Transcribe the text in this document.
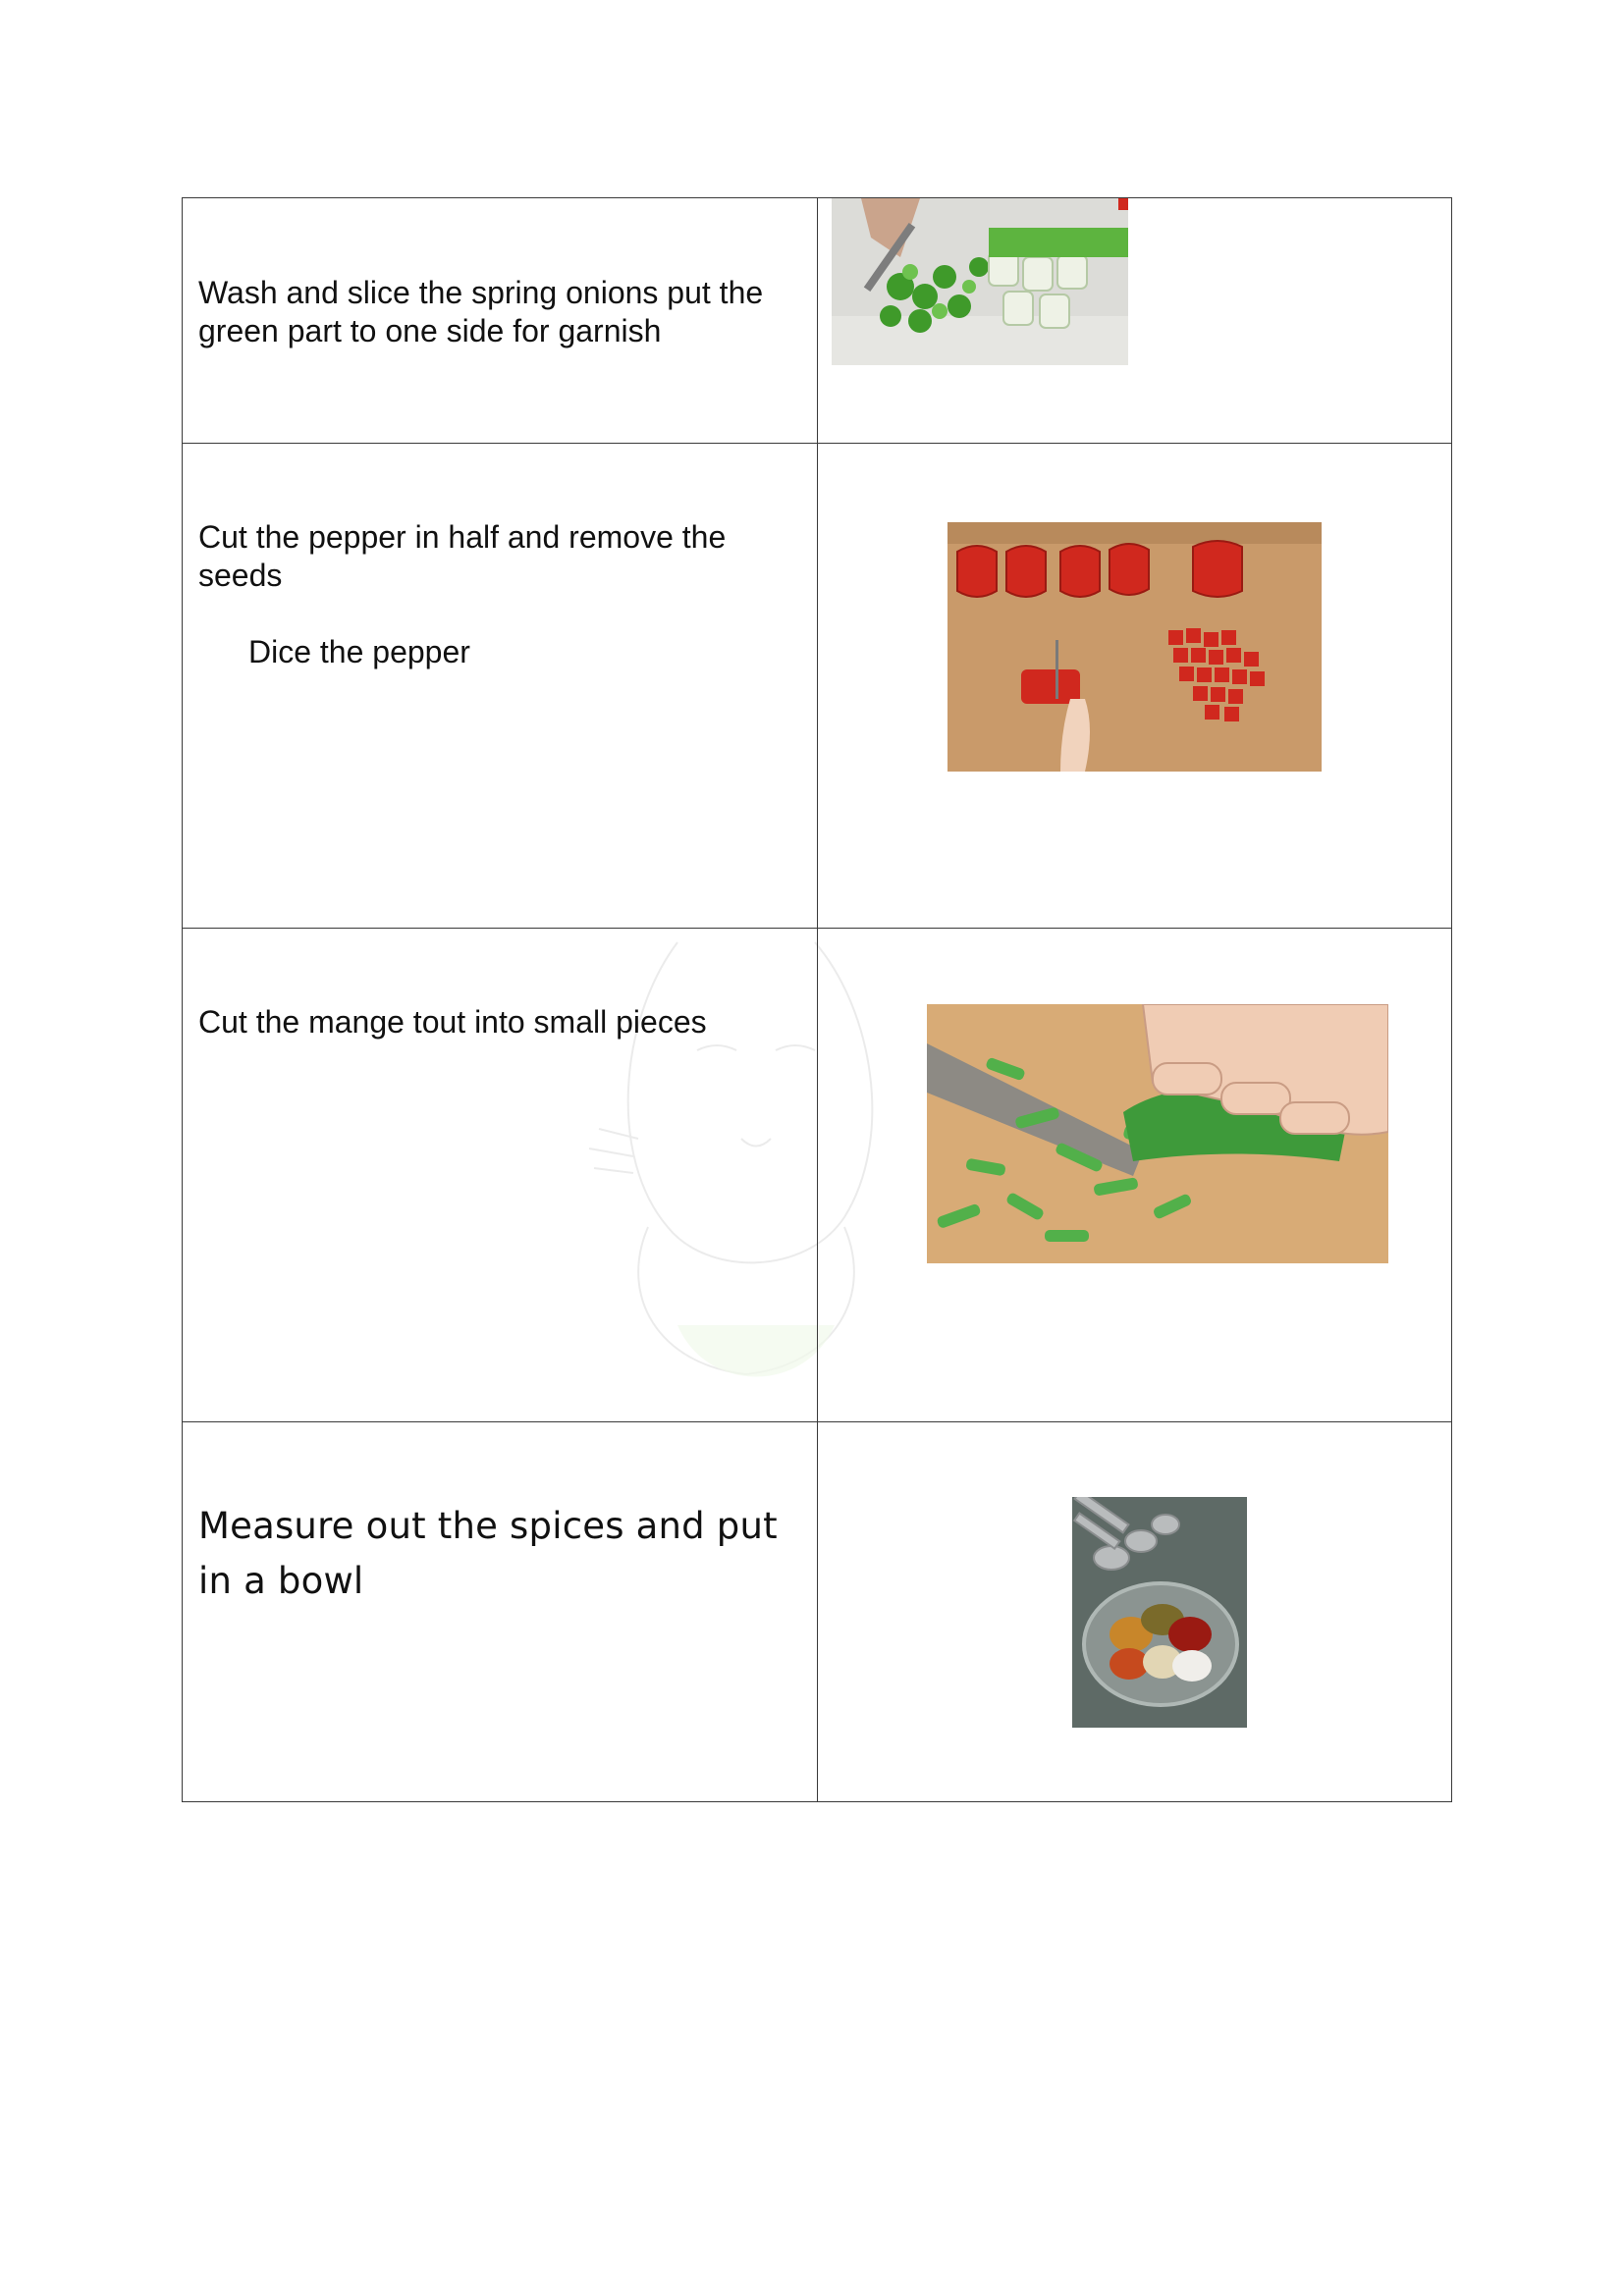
Wash and slice the spring onions put the green part to one side for garnish

Cut the pepper in half and remove the seeds
Dice the pepper

Cut the mange tout into small pieces

Measure out the spices and put in a bowl
